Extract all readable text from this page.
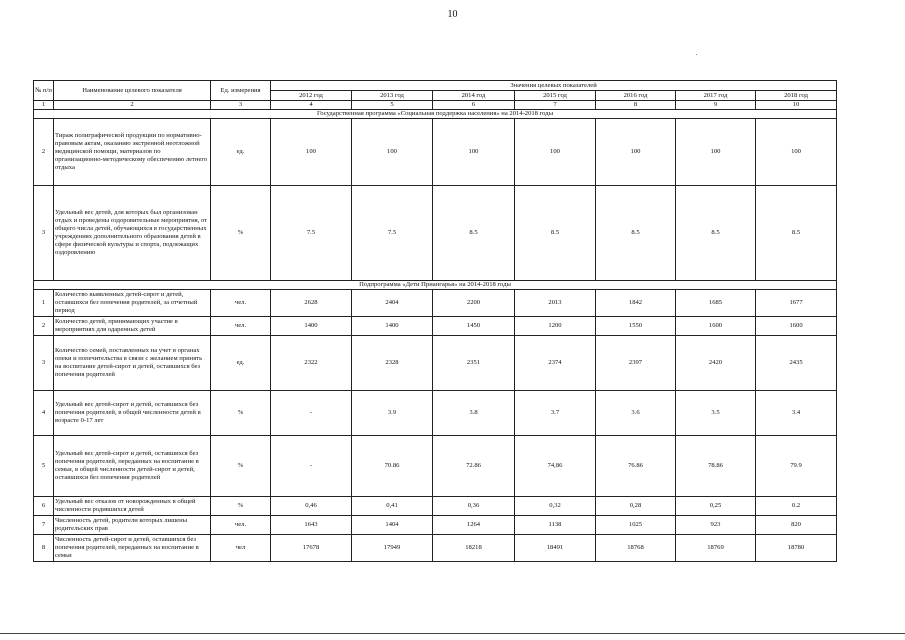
10
№ п/п	Наименование целевого показателя	Ед. измерения	Значения целевых показателей						
			2012 год	2013 год	2014 год	2015 год	2016 год	2017 год	2018 год
1	2	3	4	5	6	7	8	9	10
Государственная программа «Социальная поддержка населения» на 2014-2018 годы									
2	Тираж полиграфической продукции по нормативно-правовым актам, оказанию экстренной неотложной медицинской помощи, материалов по организационно-методическому обеспечению летнего отдыха	ед.	100	100	100	100	100	100	100
3	Удельный вес детей, для которых был организован отдых и проведены оздоровительные мероприятия, от общего числа детей, обучающихся в государственных учреждениях дополнительного образования детей в сфере физической культуры и спорта, подлежащих оздоровлению	%	7.5	7.5	8.5	8.5	8.5	8.5	8.5
Подпрограмма «Дети Приангарья» на 2014-2018 годы									
1	Количество выявленных детей-сирот и детей, оставшихся без попечения родителей, за отчетный период	чел.	2628	2404	2200	2013	1842	1685	1677
2	Количество детей, принимающих участие в мероприятиях для одаренных детей	чел.	1400	1400	1450	1200	1550	1600	1600
3	Количество семей, поставленных на учет в органах опеки и попечительства в связи с желанием принять на воспитание детей-сирот и детей, оставшихся без попечения родителей	ед.	2322	2328	2351	2374	2397	2420	2435
4	Удельный вес детей-сирот и детей, оставшихся без попечения родителей, в общей численности детей в возрасте 0-17 лет	%	-	3.9	3.8	3.7	3.6	3.5	3.4
5	Удельный вес детей-сирот и детей, оставшихся без попечения родителей, переданных на воспитание в семьи, в общей численности детей-сирот и детей, оставшихся без попечения родителей	%	-	70.86	72.86	74,86	76.86	78.86	79.9
6	Удельный вес отказов от новорожденных в общей численности родившихся детей	%	0,46	0,41	0,36	0,32	0,28	0,25	0.2
7	Численность детей, родители которых лишены родительских прав	чел.	1643	1404	1264	1138	1025	923	820
8	Численность детей-сирот и детей, оставшихся без попечения родителей, переданных на воспитание в семьи	чел	17678	17949	18218	18491	18768	18769	18780
